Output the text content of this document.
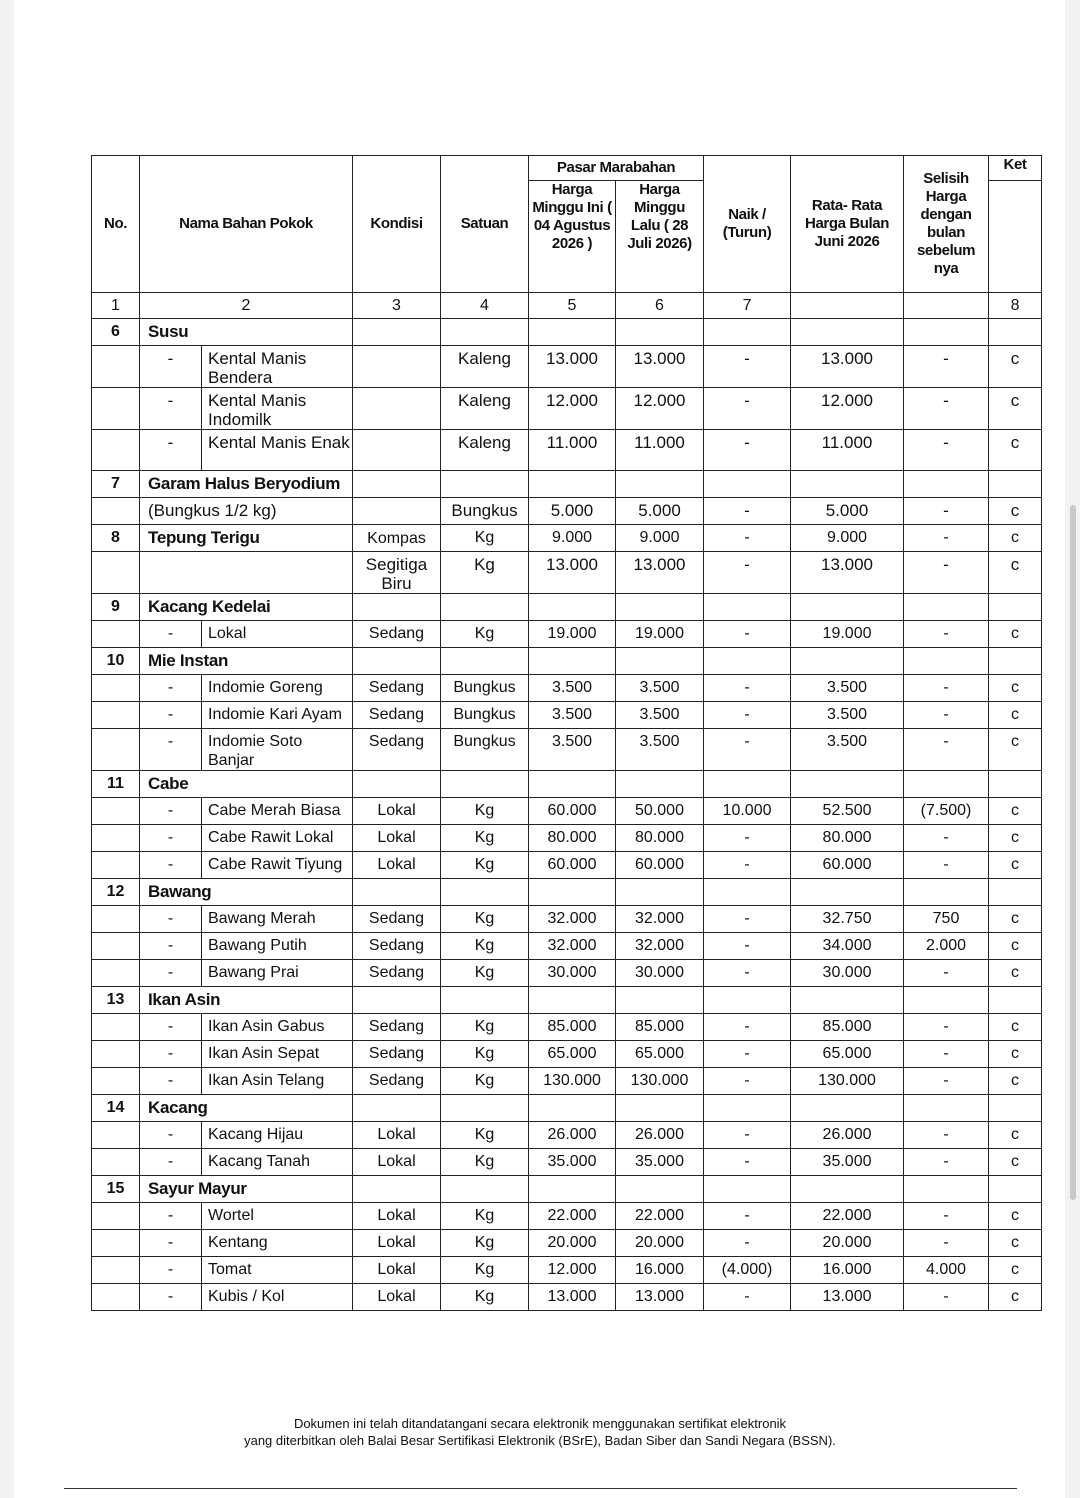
No.	Nama Bahan Pokok		Kondisi	Satuan	Pasar Marabahan		Naik / (Turun)	Rata- Rata Harga Bulan Juni 2026	Selisih Harga dengan bulan sebelum nya	Ket
					Harga Minggu Ini ( 04 Agustus 2026 )	Harga Minggu Lalu ( 28 Juli 2026)				
1	2		3	4	5	6	7			8
6	Susu									
	-	Kental Manis Bendera		Kaleng	13.000	13.000	-	13.000	-	c
	-	Kental Manis Indomilk		Kaleng	12.000	12.000	-	12.000	-	c
	-	Kental Manis Enak		Kaleng	11.000	11.000	-	11.000	-	c
7	Garam Halus Beryodium									
	(Bungkus 1/2 kg)			Bungkus	5.000	5.000	-	5.000	-	c
8	Tepung Terigu		Kompas	Kg	9.000	9.000	-	9.000	-	c
			Segitiga Biru	Kg	13.000	13.000	-	13.000	-	c
9	Kacang Kedelai									
	-	Lokal	Sedang	Kg	19.000	19.000	-	19.000	-	c
10	Mie Instan									
	-	Indomie Goreng	Sedang	Bungkus	3.500	3.500	-	3.500	-	c
	-	Indomie Kari Ayam	Sedang	Bungkus	3.500	3.500	-	3.500	-	c
	-	Indomie Soto Banjar	Sedang	Bungkus	3.500	3.500	-	3.500	-	c
11	Cabe									
	-	Cabe Merah Biasa	Lokal	Kg	60.000	50.000	10.000	52.500	(7.500)	c
	-	Cabe Rawit Lokal	Lokal	Kg	80.000	80.000	-	80.000	-	c
	-	Cabe Rawit Tiyung	Lokal	Kg	60.000	60.000	-	60.000	-	c
12	Bawang									
	-	Bawang Merah	Sedang	Kg	32.000	32.000	-	32.750	750	c
	-	Bawang Putih	Sedang	Kg	32.000	32.000	-	34.000	2.000	c
	-	Bawang Prai	Sedang	Kg	30.000	30.000	-	30.000	-	c
13	Ikan Asin									
	-	Ikan Asin Gabus	Sedang	Kg	85.000	85.000	-	85.000	-	c
	-	Ikan Asin Sepat	Sedang	Kg	65.000	65.000	-	65.000	-	c
	-	Ikan Asin Telang	Sedang	Kg	130.000	130.000	-	130.000	-	c
14	Kacang									
	-	Kacang Hijau	Lokal	Kg	26.000	26.000	-	26.000	-	c
	-	Kacang Tanah	Lokal	Kg	35.000	35.000	-	35.000	-	c
15	Sayur Mayur									
	-	Wortel	Lokal	Kg	22.000	22.000	-	22.000	-	c
	-	Kentang	Lokal	Kg	20.000	20.000	-	20.000	-	c
	-	Tomat	Lokal	Kg	12.000	16.000	(4.000)	16.000	4.000	c
	-	Kubis / Kol	Lokal	Kg	13.000	13.000	-	13.000	-	c
Dokumen ini telah ditandatangani secara elektronik menggunakan sertifikat elektronik
yang diterbitkan oleh Balai Besar Sertifikasi Elektronik (BSrE), Badan Siber dan Sandi Negara (BSSN).
